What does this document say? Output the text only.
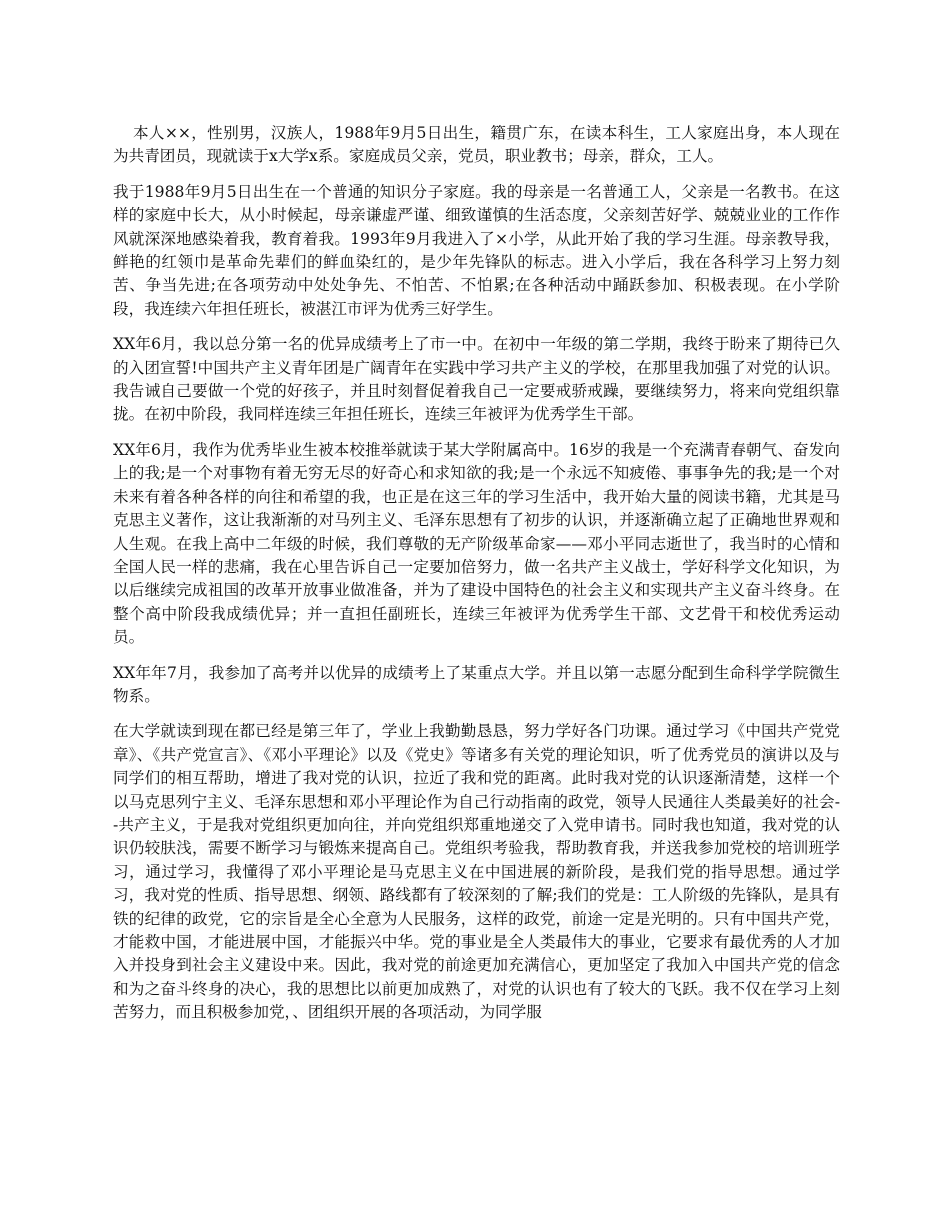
本人××，性别男，汉族人，1988年9月5日出生，籍贯广东，在读本科生，工人家庭出身，本人现在为共青团员，现就读于x大学x系。家庭成员父亲，党员，职业教书；母亲，群众，工人。

我于1988年9月5日出生在一个普通的知识分子家庭。我的母亲是一名普通工人，父亲是一名教书。在这样的家庭中长大，从小时候起，母亲谦虚严谨、细致谨慎的生活态度，父亲刻苦好学、兢兢业业的工作作风就深深地感染着我，教育着我。1993年9月我进入了×小学，从此开始了我的学习生涯。母亲教导我，鲜艳的红领巾是革命先辈们的鲜血染红的，是少年先锋队的标志。进入小学后，我在各科学习上努力刻苦、争当先进;在各项劳动中处处争先、不怕苦、不怕累;在各种活动中踊跃参加、积极表现。在小学阶段，我连续六年担任班长，被湛江市评为优秀三好学生。

XX年6月，我以总分第一名的优异成绩考上了市一中。在初中一年级的第二学期，我终于盼来了期待已久的入团宣誓!中国共产主义青年团是广阔青年在实践中学习共产主义的学校，在那里我加强了对党的认识。我告诫自己要做一个党的好孩子，并且时刻督促着我自己一定要戒骄戒躁，要继续努力，将来向党组织靠拢。在初中阶段，我同样连续三年担任班长，连续三年被评为优秀学生干部。

XX年6月，我作为优秀毕业生被本校推举就读于某大学附属高中。16岁的我是一个充满青春朝气、奋发向上的我;是一个对事物有着无穷无尽的好奇心和求知欲的我;是一个永远不知疲倦、事事争先的我;是一个对未来有着各种各样的向往和希望的我，也正是在这三年的学习生活中，我开始大量的阅读书籍，尤其是马克思主义著作，这让我渐渐的对马列主义、毛泽东思想有了初步的认识，并逐渐确立起了正确地世界观和人生观。在我上高中二年级的时候，我们尊敬的无产阶级革命家——邓小平同志逝世了，我当时的心情和全国人民一样的悲痛，我在心里告诉自己一定要加倍努力，做一名共产主义战士，学好科学文化知识，为以后继续完成祖国的改革开放事业做准备，并为了建设中国特色的社会主义和实现共产主义奋斗终身。在整个高中阶段我成绩优异；并一直担任副班长，连续三年被评为优秀学生干部、文艺骨干和校优秀运动员。

XX年年7月，我参加了高考并以优异的成绩考上了某重点大学。并且以第一志愿分配到生命科学学院微生物系。

在大学就读到现在都已经是第三年了，学业上我勤勤恳恳，努力学好各门功课。通过学习《中国共产党党章》、《共产党宣言》、《邓小平理论》以及《党史》等诸多有关党的理论知识，听了优秀党员的演讲以及与同学们的相互帮助，增进了我对党的认识，拉近了我和党的距离。此时我对党的认识逐渐清楚，这样一个以马克思列宁主义、毛泽东思想和邓小平理论作为自己行动指南的政党，领导人民通往人类最美好的社会--共产主义，于是我对党组织更加向往，并向党组织郑重地递交了入党申请书。同时我也知道，我对党的认识仍较肤浅，需要不断学习与锻炼来提高自己。党组织考验我，帮助教育我，并送我参加党校的培训班学习，通过学习，我懂得了邓小平理论是马克思主义在中国进展的新阶段，是我们党的指导思想。通过学习，我对党的性质、指导思想、纲领、路线都有了较深刻的了解;我们的党是：工人阶级的先锋队，是具有铁的纪律的政党，它的宗旨是全心全意为人民服务，这样的政党，前途一定是光明的。只有中国共产党，才能救中国，才能进展中国，才能振兴中华。党的事业是全人类最伟大的事业，它要求有最优秀的人才加入并投身到社会主义建设中来。因此，我对党的前途更加充满信心，更加坚定了我加入中国共产党的信念和为之奋斗终身的决心，我的思想比以前更加成熟了，对党的认识也有了较大的飞跃。我不仅在学习上刻苦努力，而且积极参加党，、团组织开展的各项活动，为同学服
